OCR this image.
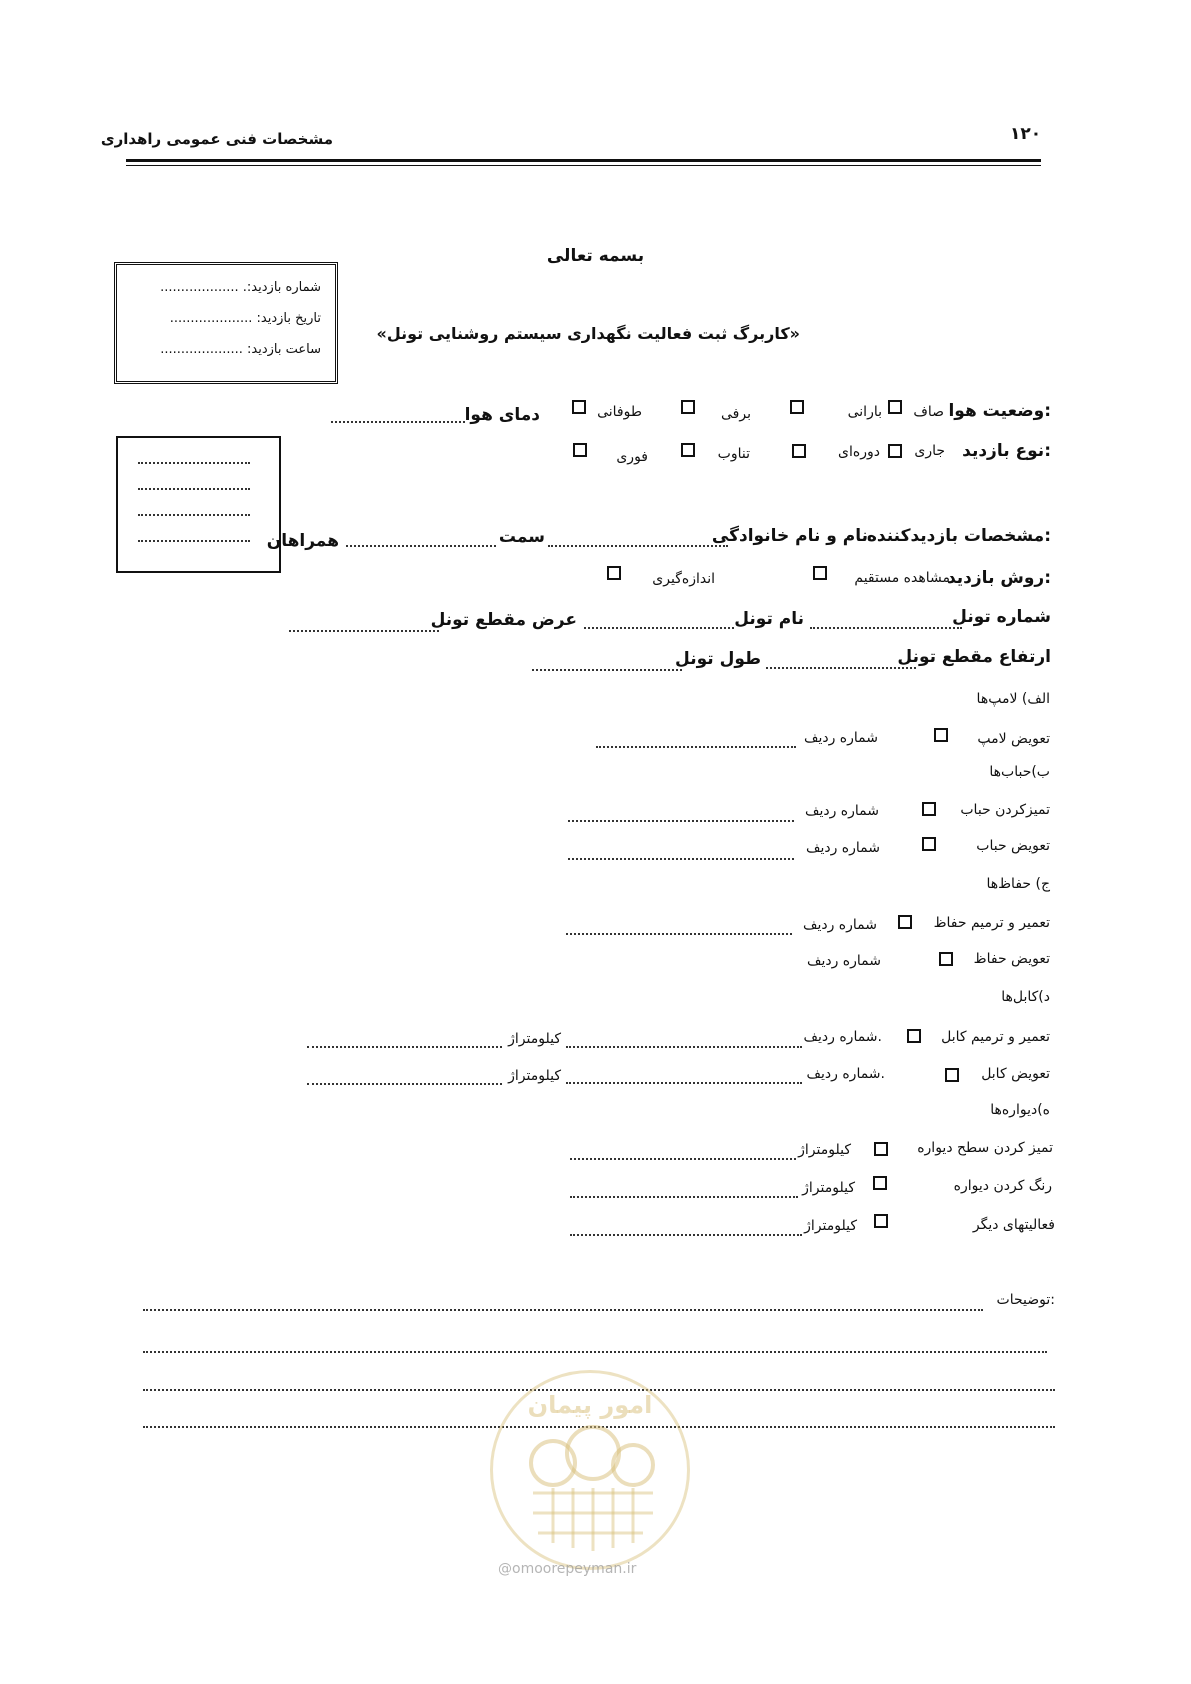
مشخصات فنی عمومی راهداری	۱۲۰
بسمه تعالی
شماره بازدید:. ...................
تاریخ بازدید: ....................
ساعت بازدید: ....................
«کاربرگ ثبت فعالیت نگهداری سیستم روشنایی تونل»
وضعیت هوا:
صاف
بارانی
برفی
طوفانی
دمای هوا
نوع بازدید:
جاری
دوره‌ای
تناوب
فوری
مشخصات بازدیدکننده:
نام و نام خانوادگی
سمت
همراهان
روش بازدید:
مشاهده مستقیم
اندازه‌گیری
شماره تونل
نام تونل
عرض مقطع تونل
ارتفاع مقطع تونل
طول تونل
الف) لامپ‌ها
تعویض لامپ
شماره ردیف
ب)حباب‌ها
تمیزکردن حباب
شماره ردیف
تعویض حباب
شماره ردیف
ج) حفاظ‌ها
تعمیر و ترمیم حفاظ
شماره ردیف
تعویض حفاظ
شماره ردیف
د)کابل‌ها
تعمیر و ترمیم کابل
شماره ردیف.
کیلومتراژ
تعویض کابل
شماره ردیف.
کیلومتراژ
ه)دیواره‌ها
تمیز کردن سطح دیواره
کیلومتراژ
رنگ کردن دیواره
کیلومتراژ
فعالیتهای دیگر
کیلومتراژ
توضیحات:
امور پیمان
@omoorepeyman.ir
